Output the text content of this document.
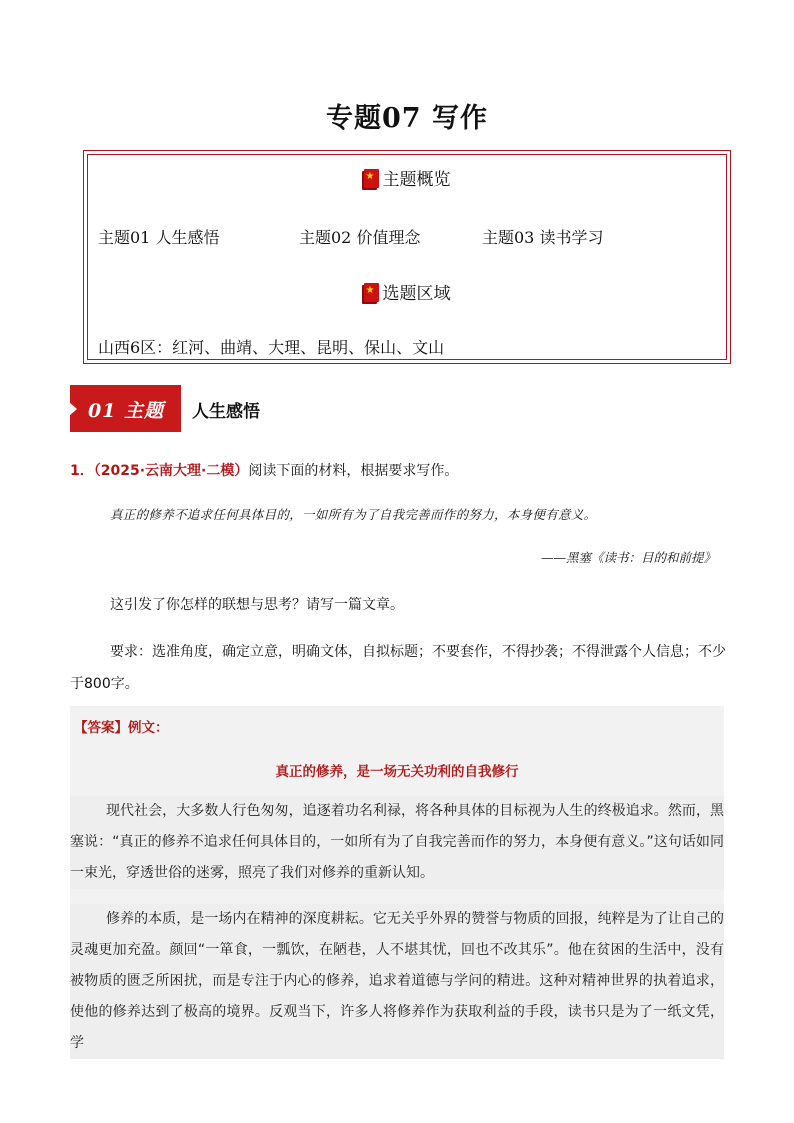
专题07 写作
★主题概览
主题01 人生感悟	主题02 价值理念	主题03 读书学习
★选题区域
山西6区：红河、曲靖、大理、昆明、保山、文山
01 主题 人生感悟
1．（2025·云南大理·二模）阅读下面的材料，根据要求写作。
真正的修养不追求任何具体目的，一如所有为了自我完善而作的努力，本身便有意义。
——黑塞《读书：目的和前提》
这引发了你怎样的联想与思考？请写一篇文章。
要求：选准角度，确定立意，明确文体，自拟标题；不要套作，不得抄袭；不得泄露个人信息；不少于800字。
【答案】例文：
真正的修养，是一场无关功利的自我修行
现代社会，大多数人行色匆匆，追逐着功名利禄，将各种具体的目标视为人生的终极追求。然而，黑塞说：“真正的修养不追求任何具体目的，一如所有为了自我完善而作的努力，本身便有意义。”这句话如同一束光，穿透世俗的迷雾，照亮了我们对修养的重新认知。
修养的本质，是一场内在精神的深度耕耘。它无关乎外界的赞誉与物质的回报，纯粹是为了让自己的灵魂更加充盈。颜回“一箪食，一瓢饮，在陋巷，人不堪其忧，回也不改其乐”。他在贫困的生活中，没有被物质的匮乏所困扰，而是专注于内心的修养，追求着道德与学问的精进。这种对精神世界的执着追求，使他的修养达到了极高的境界。反观当下，许多人将修养作为获取利益的手段，读书只是为了一纸文凭，学
